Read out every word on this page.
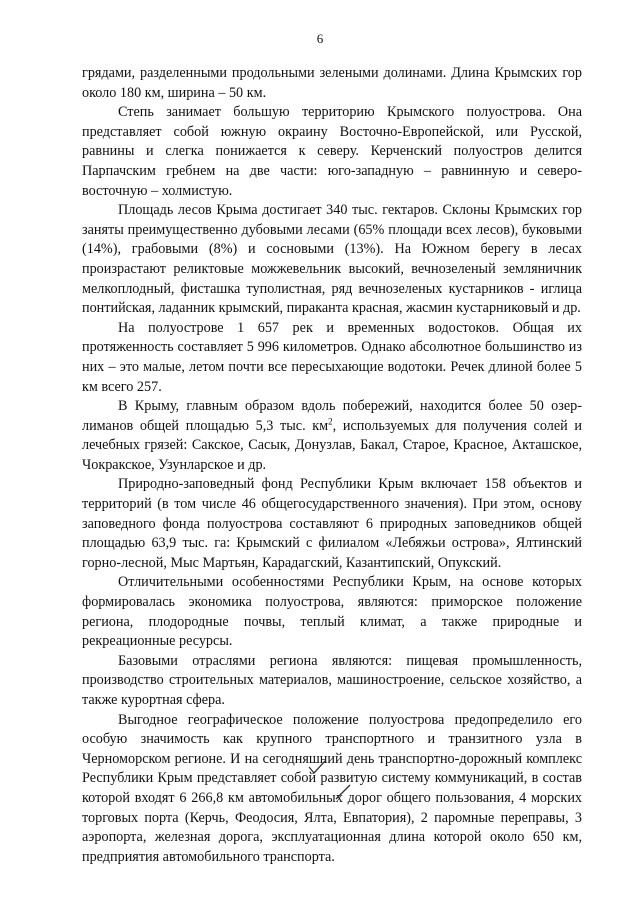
6

грядами, разделенными продольными зелеными долинами. Длина Крымских гор около 180 км, ширина – 50 км.

Степь занимает большую территорию Крымского полуострова. Она представляет собой южную окраину Восточно-Европейской, или Русской, равнины и слегка понижается к северу. Керченский полуостров делится Парпачским гребнем на две части: юго-западную – равнинную и северо-восточную – холмистую.

Площадь лесов Крыма достигает 340 тыс. гектаров. Склоны Крымских гор заняты преимущественно дубовыми лесами (65% площади всех лесов), буковыми (14%), грабовыми (8%) и сосновыми (13%). На Южном берегу в лесах произрастают реликтовые можжевельник высокий, вечнозеленый земляничник мелкоплодный, фисташка туполистная, ряд вечнозеленых кустарников - иглица понтийская, ладанник крымский, пираканта красная, жасмин кустарниковый и др.

На полуострове 1 657 рек и временных водостоков. Общая их протяженность составляет 5 996 километров. Однако абсолютное большинство из них – это малые, летом почти все пересыхающие водотоки. Речек длиной более 5 км всего 257.

В Крыму, главным образом вдоль побережий, находится более 50 озер-лиманов общей площадью 5,3 тыс. $км^2$, используемых для получения солей и лечебных грязей: Сакское, Сасык, Донузлав, Бакал, Старое, Красное, Акташское, Чокракское, Узунларское и др.

Природно-заповедный фонд Республики Крым включает 158 объектов и территорий (в том числе 46 общегосударственного значения). При этом, основу заповедного фонда полуострова составляют 6 природных заповедников общей площадью 63,9 тыс. га: Крымский с филиалом «Лебяжьи острова», Ялтинский горно-лесной, Мыс Мартьян, Карадагский, Казантипский, Опукский.

Отличительными особенностями Республики Крым, на основе которых формировалась экономика полуострова, являются: приморское положение региона, плодородные почвы, теплый климат, а также природные и рекреационные ресурсы.

Базовыми отраслями региона являются: пищевая промышленность, производство строительных материалов, машиностроение, сельское хозяйство, а также курортная сфера.

Выгодное географическое положение полуострова предопределило его особую значимость как крупного транспортного и транзитного узла в Черноморском регионе. И на сегодняшний день транспортно-дорожный комплекс Республики Крым представляет собой развитую систему коммуникаций, в состав которой входят 6 266,8 км автомобильных дорог общего пользования, 4 морских торговых порта (Керчь, Феодосия, Ялта, Евпатория), 2 паромные переправы, 3 аэропорта, железная дорога, эксплуатационная длина которой около 650 км, предприятия автомобильного транспорта.
